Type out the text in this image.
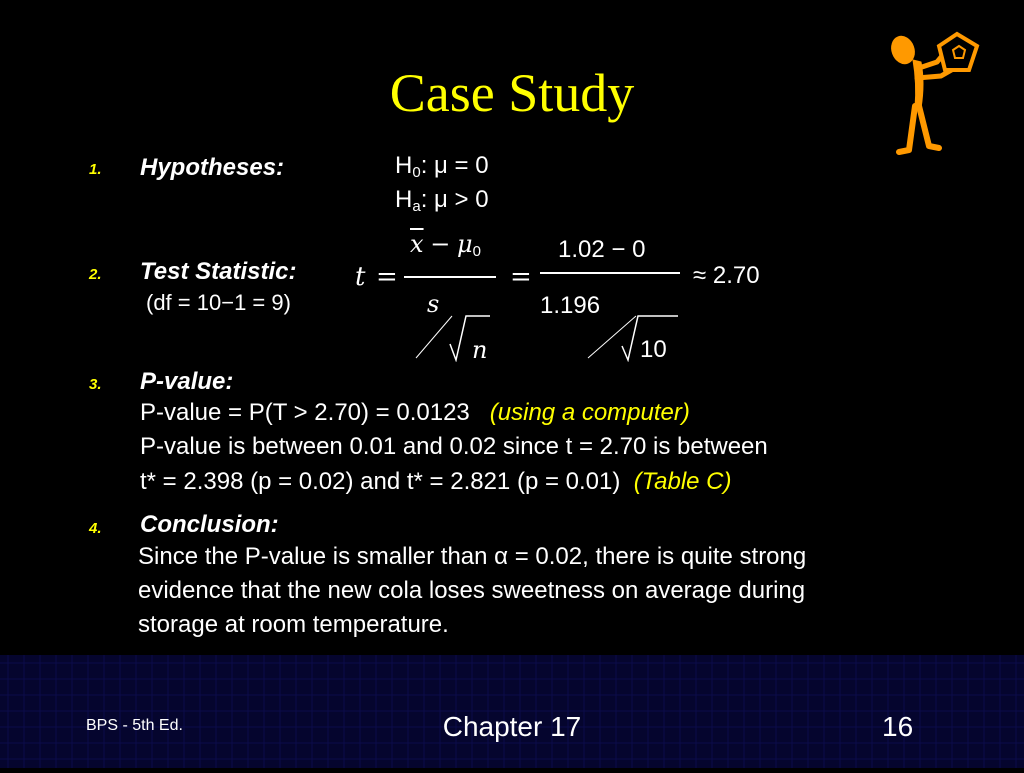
Case Study
1. Hypotheses:	$H_0$: μ = 0
$H_a$: μ > 0
2. Test Statistic:
(df = 10−1 = 9)
t =
$\overline{x} - \mu_0$
s
n
=
1.02 − 0
1.196
10
≈ 2.70
3. P-value:
P-value = P(T > 2.70) = 0.0123 (using a computer)
P-value is between 0.01 and 0.02 since t = 2.70 is between
t* = 2.398 (p = 0.02) and t* = 2.821 (p = 0.01) (Table C)
4. Conclusion:
Since the P-value is smaller than α = 0.02, there is quite strong
evidence that the new cola loses sweetness on average during
storage at room temperature.
BPS - 5th Ed.	Chapter 17	16
